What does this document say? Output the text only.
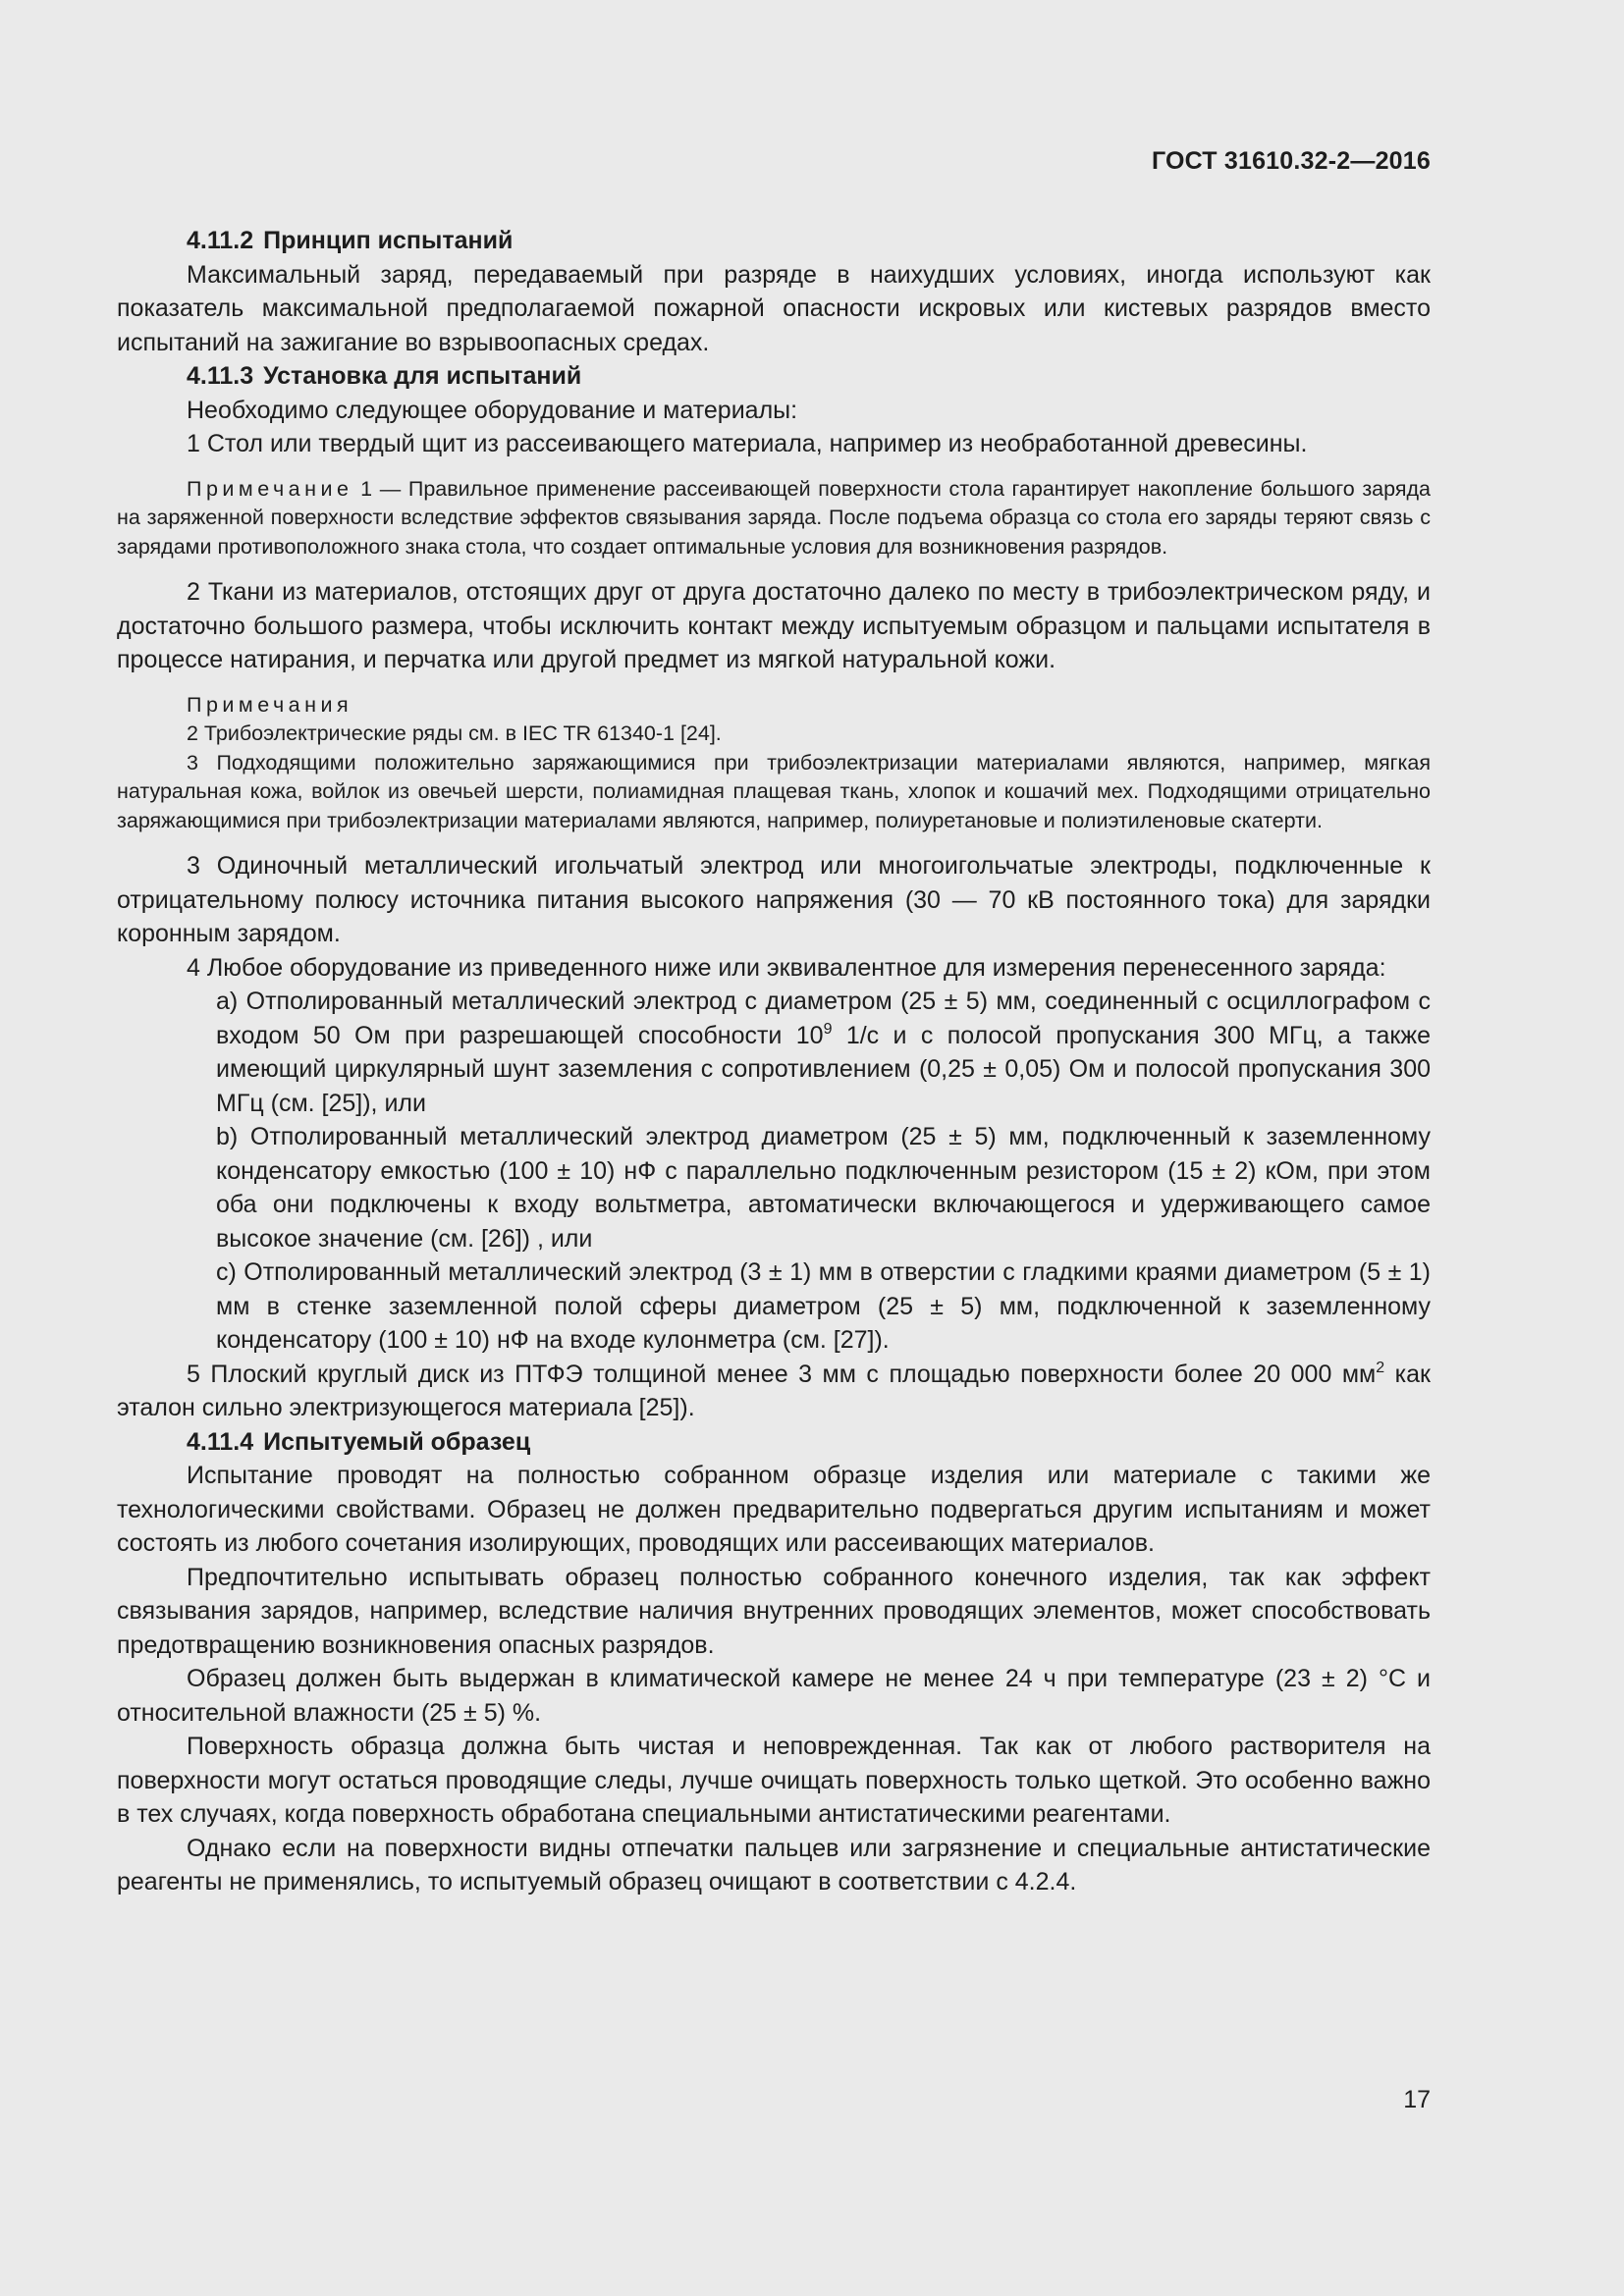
ГОСТ 31610.32-2—2016
4.11.2 Принцип испытаний

Максимальный заряд, передаваемый при разряде в наихудших условиях, иногда используют как показатель максимальной предполагаемой пожарной опасности искровых или кистевых разрядов вместо испытаний на зажигание во взрывоопасных средах.

4.11.3 Установка для испытаний

Необходимо следующее оборудование и материалы:

1 Стол или твердый щит из рассеивающего материала, например из необработанной древесины.

Примечание 1 — Правильное применение рассеивающей поверхности стола гарантирует накопление большого заряда на заряженной поверхности вследствие эффектов связывания заряда. После подъема образца со стола его заряды теряют связь с зарядами противоположного знака стола, что создает оптимальные условия для возникновения разрядов.

2 Ткани из материалов, отстоящих друг от друга достаточно далеко по месту в трибоэлектрическом ряду, и достаточно большого размера, чтобы исключить контакт между испытуемым образцом и пальцами испытателя в процессе натирания, и перчатка или другой предмет из мягкой натуральной кожи.

Примечания

2 Трибоэлектрические ряды см. в IEC TR 61340-1 [24].

3 Подходящими положительно заряжающимися при трибоэлектризации материалами являются, например, мягкая натуральная кожа, войлок из овечьей шерсти, полиамидная плащевая ткань, хлопок и кошачий мех. Подходящими отрицательно заряжающимися при трибоэлектризации материалами являются, например, полиуретановые и полиэтиленовые скатерти.

3 Одиночный металлический игольчатый электрод или многоигольчатые электроды, подключенные к отрицательному полюсу источника питания высокого напряжения (30 — 70 кВ постоянного тока) для зарядки коронным зарядом.

4 Любое оборудование из приведенного ниже или эквивалентное для измерения перенесенного заряда:

a) Отполированный металлический электрод с диаметром (25 ± 5) мм, соединенный с осциллографом с входом 50 Ом при разрешающей способности $10^9$ 1/с и с полосой пропускания 300 МГц, а также имеющий циркулярный шунт заземления с сопротивлением (0,25 ± 0,05) Ом и полосой пропускания 300 МГц (см. [25]), или

b) Отполированный металлический электрод диаметром (25 ± 5) мм, подключенный к заземленному конденсатору емкостью (100 ± 10) нФ с параллельно подключенным резистором (15 ± 2) кОм, при этом оба они подключены к входу вольтметра, автоматически включающегося и удерживающего самое высокое значение (см. [26]) , или

c) Отполированный металлический электрод (3 ± 1) мм в отверстии с гладкими краями диаметром (5 ± 1) мм в стенке заземленной полой сферы диаметром (25 ± 5) мм, подключенной к заземленному конденсатору (100 ± 10) нФ на входе кулонметра (см. [27]).

5 Плоский круглый диск из ПТФЭ толщиной менее 3 мм с площадью поверхности более 20 000 $мм^2$ как эталон сильно электризующегося материала [25]).

4.11.4 Испытуемый образец

Испытание проводят на полностью собранном образце изделия или материале с такими же технологическими свойствами. Образец не должен предварительно подвергаться другим испытаниям и может состоять из любого сочетания изолирующих, проводящих или рассеивающих материалов.

Предпочтительно испытывать образец полностью собранного конечного изделия, так как эффект связывания зарядов, например, вследствие наличия внутренних проводящих элементов, может способствовать предотвращению возникновения опасных разрядов.

Образец должен быть выдержан в климатической камере не менее 24 ч при температуре (23 ± 2) °C и относительной влажности (25 ± 5) %.

Поверхность образца должна быть чистая и неповрежденная. Так как от любого растворителя на поверхности могут остаться проводящие следы, лучше очищать поверхность только щеткой. Это особенно важно в тех случаях, когда поверхность обработана специальными антистатическими реагентами.

Однако если на поверхности видны отпечатки пальцев или загрязнение и специальные антистатические реагенты не применялись, то испытуемый образец очищают в соответствии с 4.2.4.

17
